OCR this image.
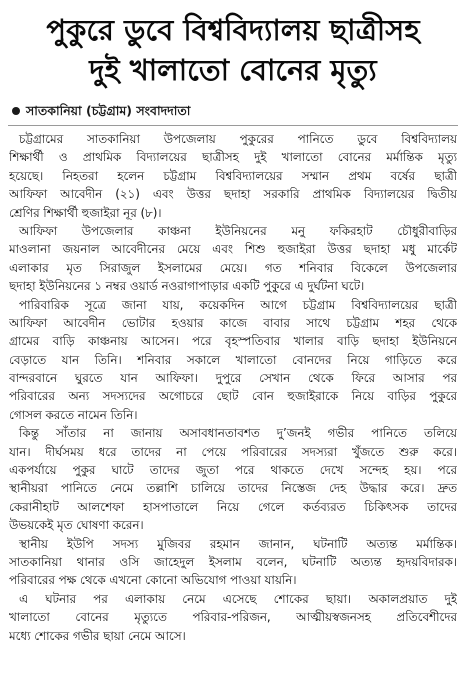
পুকুরে ডুবে বিশ্ববিদ্যালয় ছাত্রীসহ
দুই খালাতো বোনের মৃত্যু
সাতকানিয়া (চট্টগ্রাম) সংবাদদাতা
চট্টগ্রামের সাতকানিয়া উপজেলায় পুকুরের পানিতে ডুবে বিশ্ববিদ্যালয়
শিক্ষার্থী ও প্রাথমিক বিদ্যালয়ের ছাত্রীসহ দুই খালাতো বোনের মর্মান্তিক মৃত্যু
হয়েছে। নিহতরা হলেন চট্টগ্রাম বিশ্ববিদ্যালয়ের সম্মান প্রথম বর্ষের ছাত্রী
আফিফা আবেদীন (২১) এবং উত্তর ছদাহা সরকারি প্রাথমিক বিদ্যালয়ের দ্বিতীয়
শ্রেণির শিক্ষার্থী হুজাইরা নূর (৮)।
আফিফা উপজেলার কাঞ্চনা ইউনিয়নের মনু ফকিরহাট চৌধুরীবাড়ির
মাওলানা জয়নাল আবেদীনের মেয়ে এবং শিশু হুজাইরা উত্তর ছদাহা মধু মার্কেট
এলাকার মৃত সিরাজুল ইসলামের মেয়ে। গত শনিবার বিকেলে উপজেলার
ছদাহা ইউনিয়নের ১ নম্বর ওয়ার্ড নওরাগাপাড়ার একটি পুকুরে এ দুর্ঘটনা ঘটে।
পারিবারিক সূত্রে জানা যায়, কয়েকদিন আগে চট্টগ্রাম বিশ্ববিদ্যালয়ের ছাত্রী
আফিফা আবেদীন ভোটার হওয়ার কাজে বাবার সাথে চট্টগ্রাম শহর থেকে
গ্রামের বাড়ি কাঞ্চনায় আসেন। পরে বৃহস্পতিবার খালার বাড়ি ছদাহা ইউনিয়নে
বেড়াতে যান তিনি। শনিবার সকালে খালাতো বোনদের নিয়ে গাড়িতে করে
বান্দরবানে ঘুরতে যান আফিফা। দুপুরে সেখান থেকে ফিরে আসার পর
পরিবারের অন্য সদস্যদের অগোচরে ছোট বোন হুজাইরাকে নিয়ে বাড়ির পুকুরে
গোসল করতে নামেন তিনি।
কিন্তু সাঁতার না জানায় অসাবধানতাবশত দু’জনই গভীর পানিতে তলিয়ে
যান। দীর্ঘসময় ধরে তাদের না পেয়ে পরিবারের সদস্যরা খুঁজতে শুরু করে।
একপর্যায়ে পুকুর ঘাটে তাদের জুতা পরে থাকতে দেখে সন্দেহ হয়। পরে
স্থানীয়রা পানিতে নেমে তল্লাশি চালিয়ে তাদের নিস্তেজ দেহ উদ্ধার করে। দ্রুত
কেরানীহাট আলশেফা হাসপাতালে নিয়ে গেলে কর্তব্যরত চিকিৎসক তাদের
উভয়কেই মৃত ঘোষণা করেন।
স্থানীয় ইউপি সদস্য মুজিবর রহমান জানান, ঘটনাটি অত্যন্ত মর্মান্তিক।
সাতকানিয়া থানার ওসি জাহেদুল ইসলাম বলেন, ঘটনাটি অত্যন্ত হৃদয়বিদারক।
পরিবারের পক্ষ থেকে এখনো কোনো অভিযোগ পাওয়া যায়নি।
এ ঘটনার পর এলাকায় নেমে এসেছে শোকের ছায়া। অকালপ্রয়াত দুই
খালাতো বোনের মৃত্যুতে পরিবার-পরিজন, আত্মীয়স্বজনসহ প্রতিবেশীদের
মধ্যে শোকের গভীর ছায়া নেমে আসে।
